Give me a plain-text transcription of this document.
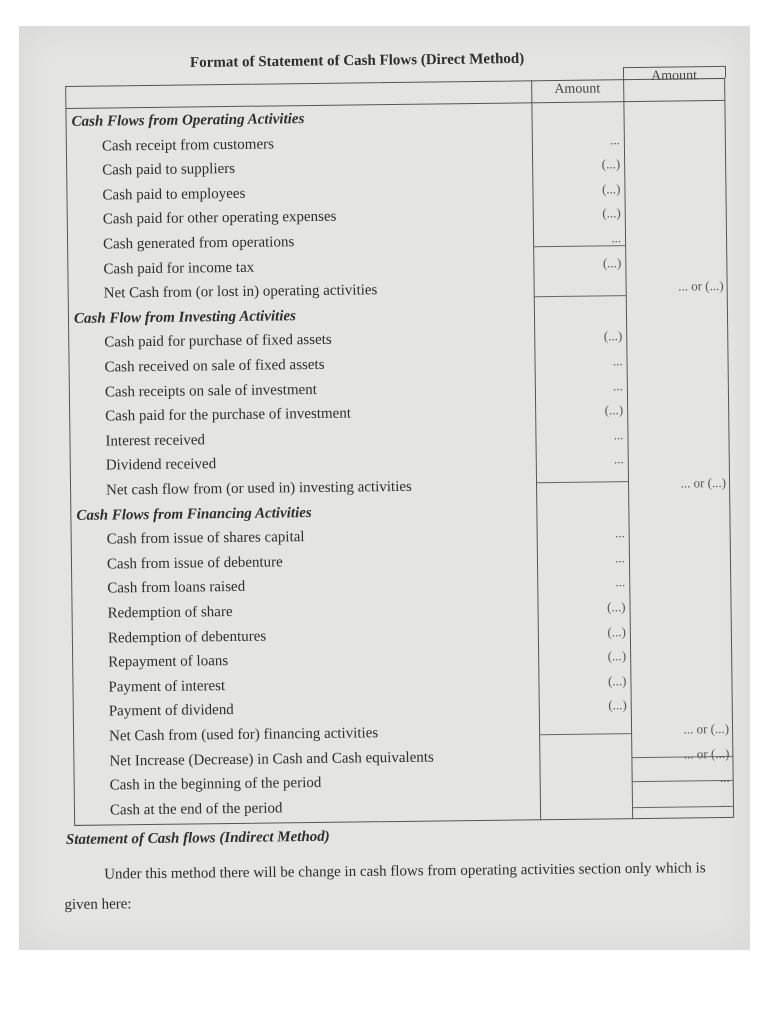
Format of Statement of Cash Flows (Direct Method)
Amount
Amount
Cash Flows from Operating Activities
Cash receipt from customers	...
Cash paid to suppliers	(...)
Cash paid to employees	(...)
Cash paid for other operating expenses	(...)
Cash generated from operations	...
Cash paid for income tax	(...)
Net Cash from (or lost in) operating activities	... or (...)
Cash Flow from Investing Activities
Cash paid for purchase of fixed assets	(...)
Cash received on sale of fixed assets	...
Cash receipts on sale of investment	...
Cash paid for the purchase of investment	(...)
Interest received	...
Dividend received	...
Net cash flow from (or used in) investing activities	... or (...)
Cash Flows from Financing Activities
Cash from issue of shares capital	...
Cash from issue of debenture	...
Cash from loans raised	...
Redemption of share	(...)
Redemption of debentures	(...)
Repayment of loans	(...)
Payment of interest	(...)
Payment of dividend	(...)
Net Cash from (used for) financing activities	... or (...)
Net Increase (Decrease) in Cash and Cash equivalents	... or (...)
Cash in the beginning of the period	...
Cash at the end of the period	...
Statement of Cash flows (Indirect Method)
Under this method there will be change in cash flows from operating activities section only which is given here:
